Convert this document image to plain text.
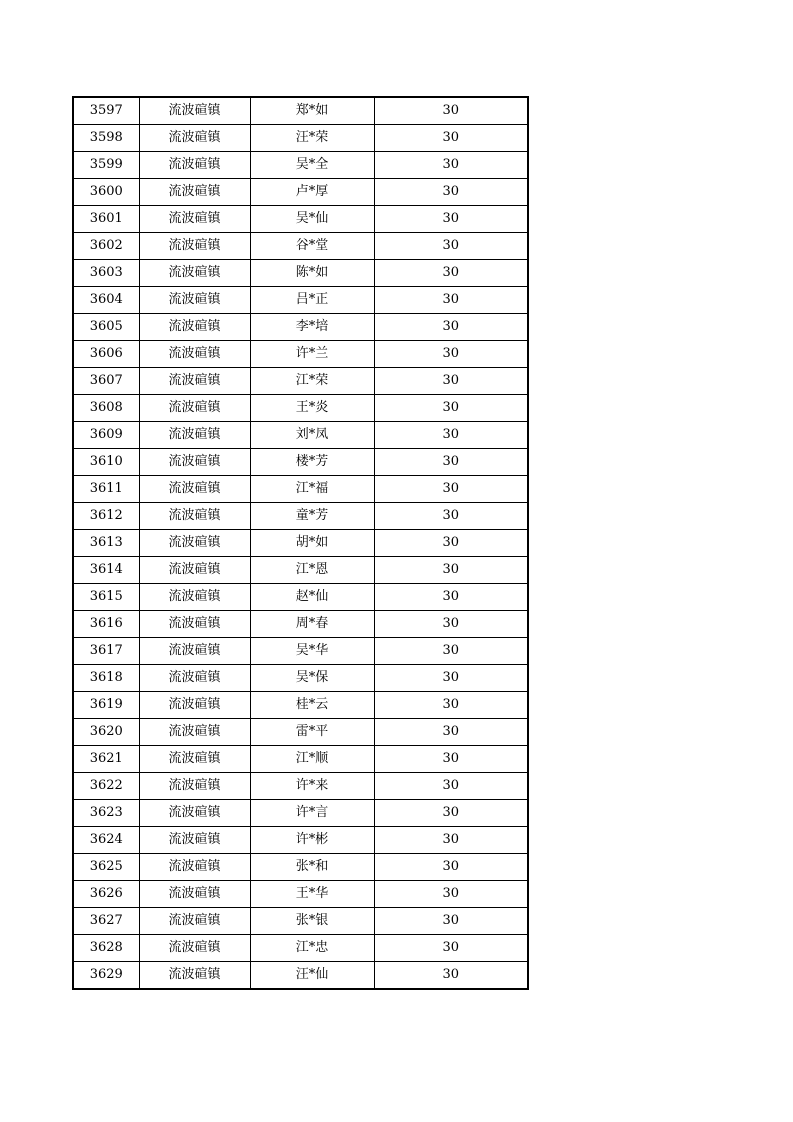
3597	流波碹镇	郑*如	30
3598	流波碹镇	汪*荣	30
3599	流波碹镇	吴*全	30
3600	流波碹镇	卢*厚	30
3601	流波碹镇	吴*仙	30
3602	流波碹镇	谷*堂	30
3603	流波碹镇	陈*如	30
3604	流波碹镇	吕*正	30
3605	流波碹镇	李*培	30
3606	流波碹镇	许*兰	30
3607	流波碹镇	江*荣	30
3608	流波碹镇	王*炎	30
3609	流波碹镇	刘*凤	30
3610	流波碹镇	楼*芳	30
3611	流波碹镇	江*福	30
3612	流波碹镇	童*芳	30
3613	流波碹镇	胡*如	30
3614	流波碹镇	江*恩	30
3615	流波碹镇	赵*仙	30
3616	流波碹镇	周*春	30
3617	流波碹镇	吴*华	30
3618	流波碹镇	吴*保	30
3619	流波碹镇	桂*云	30
3620	流波碹镇	雷*平	30
3621	流波碹镇	江*顺	30
3622	流波碹镇	许*来	30
3623	流波碹镇	许*言	30
3624	流波碹镇	许*彬	30
3625	流波碹镇	张*和	30
3626	流波碹镇	王*华	30
3627	流波碹镇	张*银	30
3628	流波碹镇	江*忠	30
3629	流波碹镇	汪*仙	30
